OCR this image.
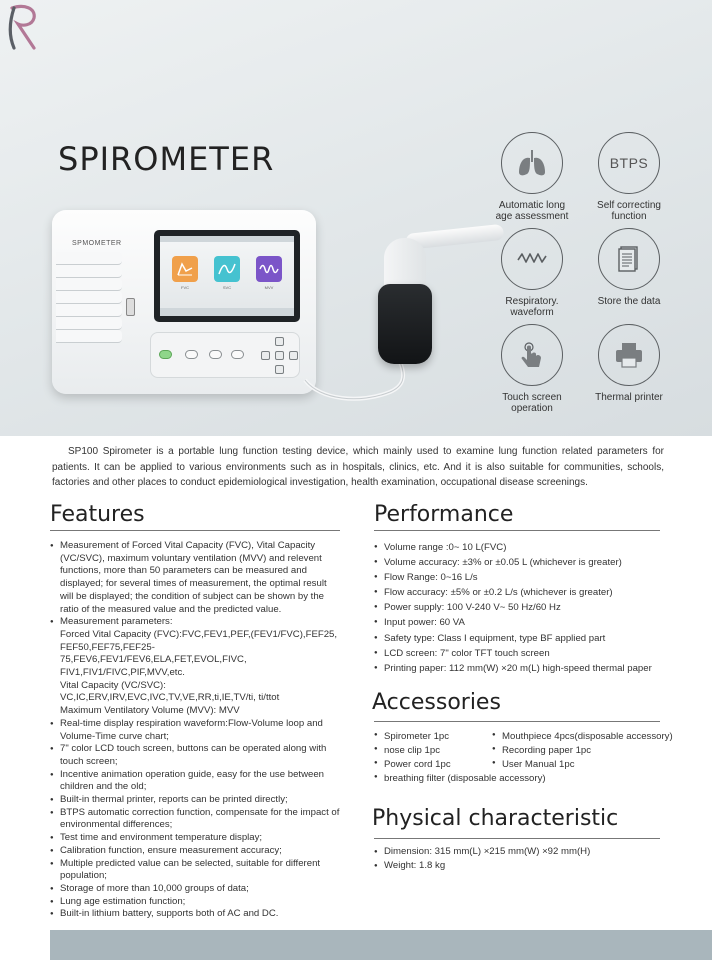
SPIROMETER
SPMOMETER
FVC	SVC	MVV
Automatic long
age assessment
BTPS
Self correcting
function
Respiratory.
waveform
Store the data
Touch screen
operation
Thermal printer

SP100 Spirometer is a portable lung function testing device, which mainly used to examine lung function related parameters for patients. It can be applied to various environments such as in hospitals, clinics, etc. And it is also suitable for communities, schools, factories and other places to conduct epidemiological investigation, health examination, occupational disease screenings.

Features
● Measurement of Forced Vital Capacity (FVC), Vital Capacity (VC/SVC), maximum voluntary ventilation (MVV) and relevent functions, more than 50 parameters can be measured and displayed; for several times of measurement, the optimal result will be displayed; the condition of subject can be shown by the ratio of the measured value and the predicted value.
● Measurement parameters:
Forced Vital Capacity (FVC):FVC,FEV1,PEF,(FEV1/FVC),FEF25, FEF50,FEF75,FEF25-75,FEV6,FEV1/FEV6,ELA,FET,EVOL,FIVC, FIV1,FIV1/FIVC,PIF,MVV,etc.
Vital Capacity (VC/SVC): VC,IC,ERV,IRV,EVC,IVC,TV,VE,RR,ti,IE,TV/ti, ti/ttot
Maximum Ventilatory Volume (MVV): MVV
● Real-time display respiration waveform:Flow-Volume loop and Volume-Time curve chart;
● 7" color LCD touch screen, buttons can be operated along with touch screen;
● Incentive animation operation guide, easy for the use between children and the old;
● Built-in thermal printer, reports can be printed directly;
● BTPS automatic correction function, compensate for the impact of environmental differences;
● Test time and environment temperature display;
● Calibration function, ensure measurement accuracy;
● Multiple predicted value can be selected, suitable for different population;
● Storage of more than 10,000 groups of data;
● Lung age estimation function;
● Built-in lithium battery, supports both of AC and DC.
Performance
● Volume range :0~ 10 L(FVC)
● Volume accuracy: ±3% or ±0.05 L (whichever is greater)
● Flow Range: 0~16 L/s
● Flow accuracy: ±5% or ±0.2 L/s (whichever is greater)
● Power supply: 100 V-240 V~ 50 Hz/60 Hz
● Input power: 60 VA
● Safety type: Class I equipment, type BF applied part
● LCD screen: 7" color TFT touch screen
● Printing paper: 112 mm(W) ×20 m(L) high-speed thermal paper
Accessories
● Spirometer 1pc	● Mouthpiece 4pcs(disposable accessory)
● nose clip 1pc	● Recording paper 1pc
● Power cord 1pc	● User Manual 1pc
● breathing filter (disposable accessory)
Physical characteristic
● Dimension: 315 mm(L) ×215 mm(W) ×92 mm(H)
● Weight: 1.8 kg
